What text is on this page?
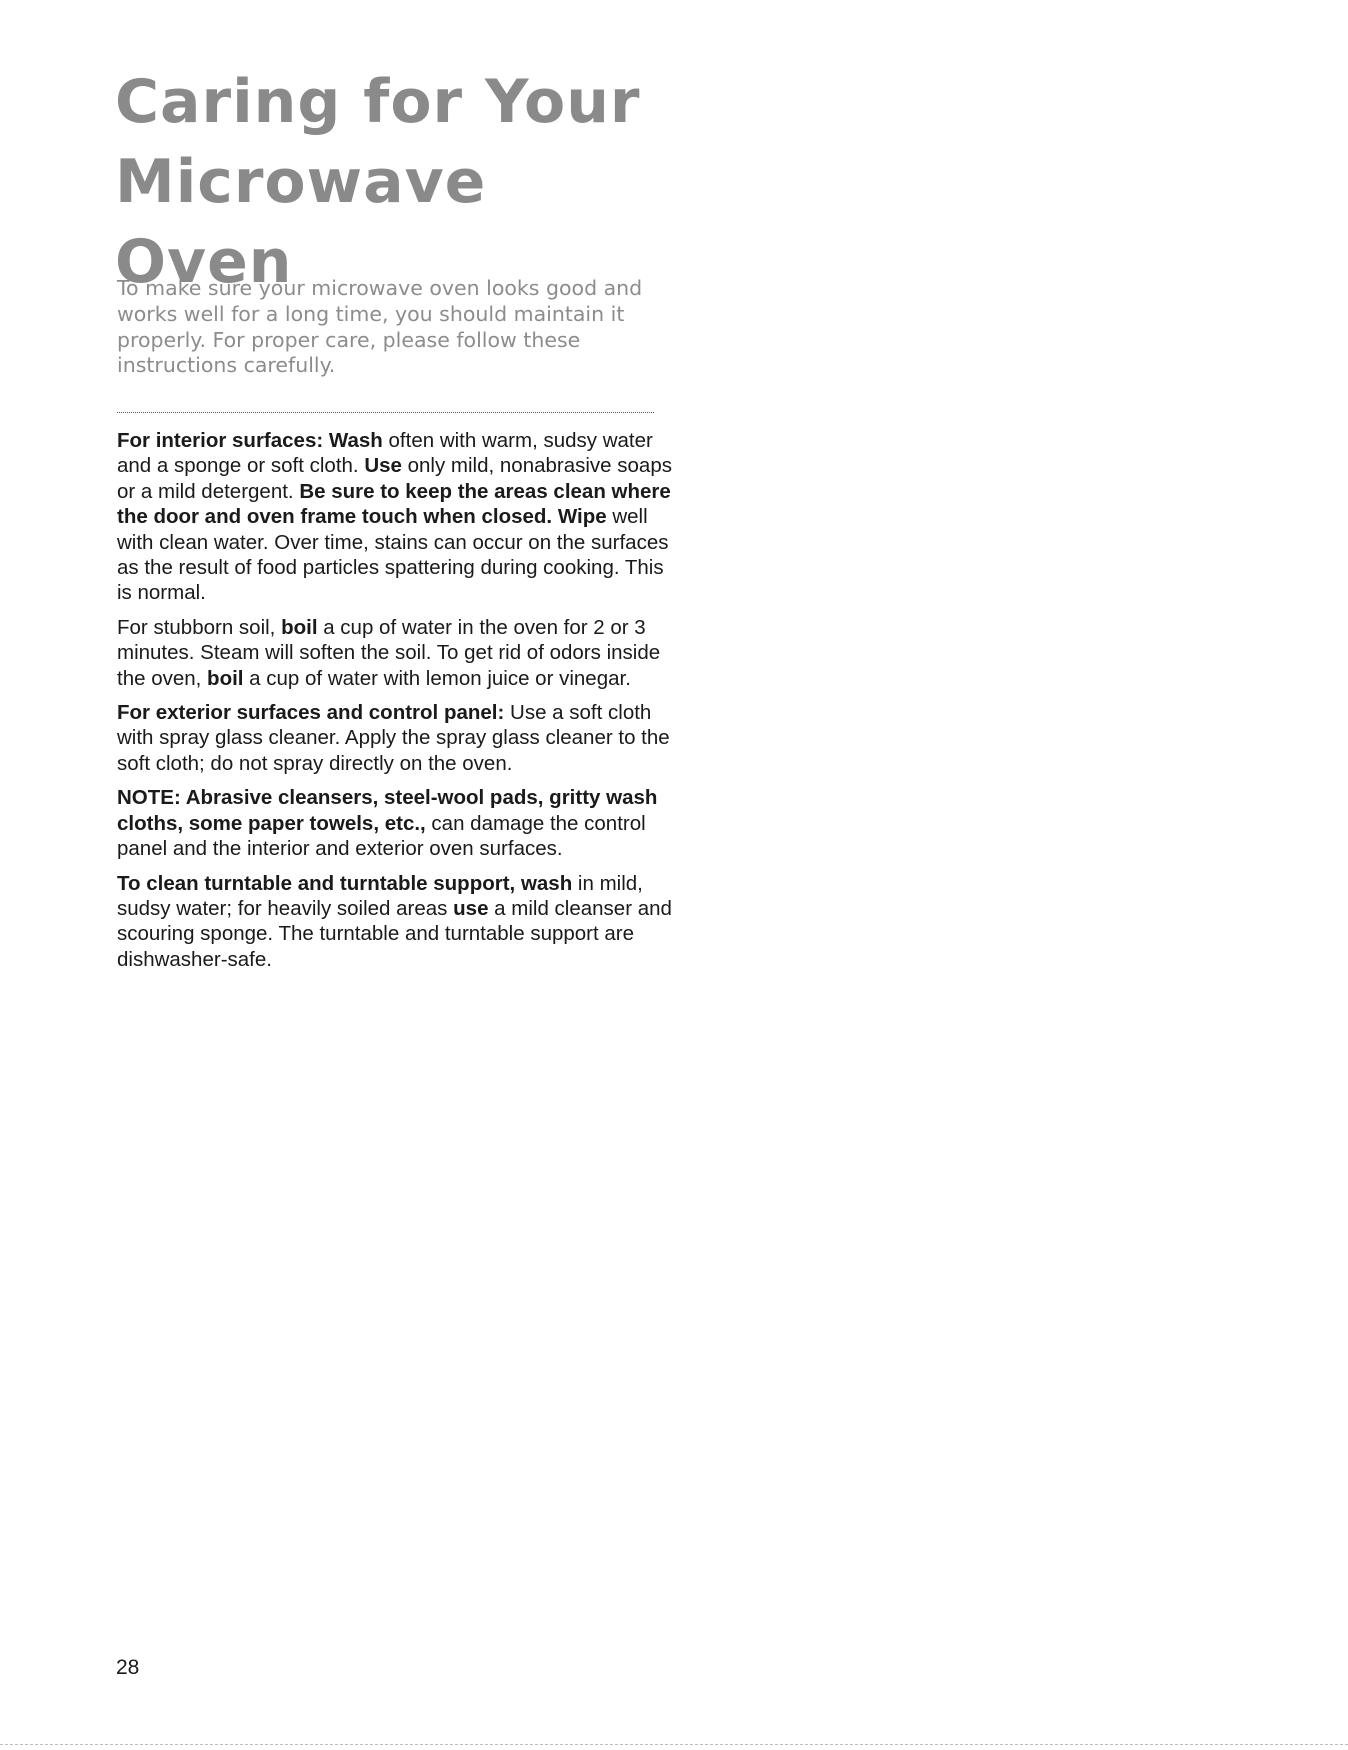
Caring for Your
Microwave
Oven

To make sure your microwave oven looks good and works well for a long time, you should maintain it properly. For proper care, please follow these instructions carefully.

For interior surfaces: Wash often with warm, sudsy water and a sponge or soft cloth. Use only mild, nonabrasive soaps or a mild detergent. Be sure to keep the areas clean where the door and oven frame touch when closed. Wipe well with clean water. Over time, stains can occur on the surfaces as the result of food particles spattering during cooking. This is normal.

For stubborn soil, boil a cup of water in the oven for 2 or 3 minutes. Steam will soften the soil. To get rid of odors inside the oven, boil a cup of water with lemon juice or vinegar.

For exterior surfaces and control panel: Use a soft cloth with spray glass cleaner. Apply the spray glass cleaner to the soft cloth; do not spray directly on the oven.

NOTE: Abrasive cleansers, steel-wool pads, gritty wash cloths, some paper towels, etc., can damage the control panel and the interior and exterior oven surfaces.

To clean turntable and turntable support, wash in mild, sudsy water; for heavily soiled areas use a mild cleanser and scouring sponge. The turntable and turntable support are dishwasher-safe.

28
